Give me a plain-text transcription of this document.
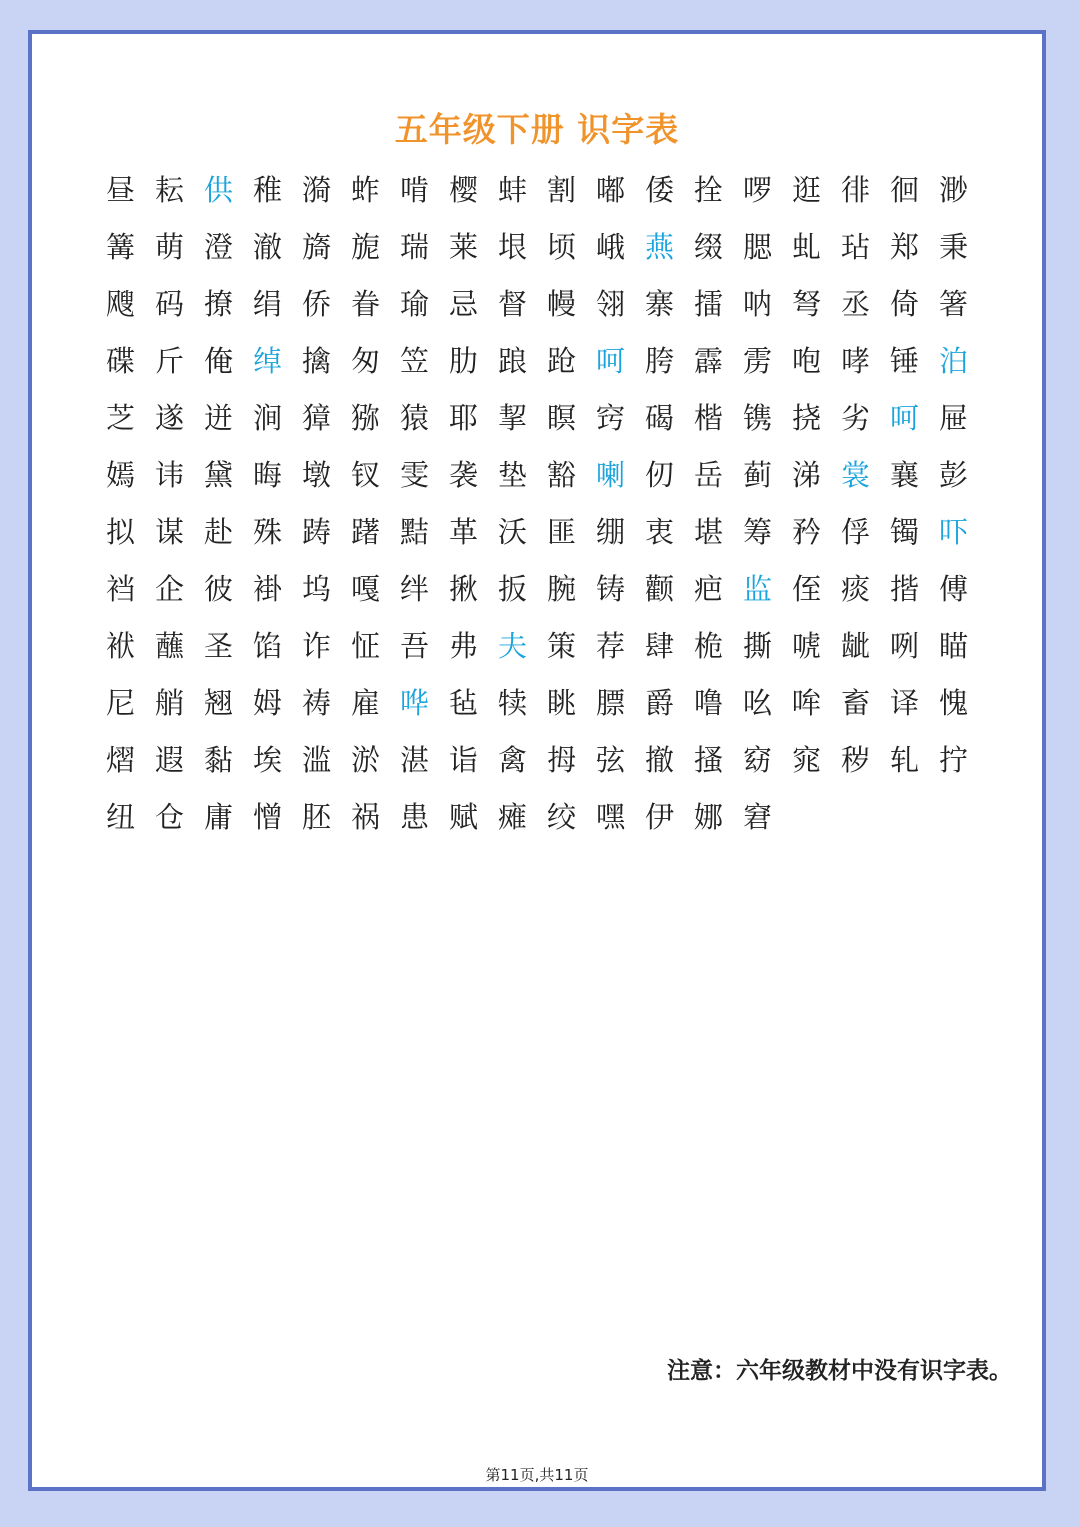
五年级下册 识字表
昼 耘 供 稚 漪 蚱 啃 樱 蚌 割 嘟 倭 拴 啰 逛 徘 徊 渺
篝 萌 澄 澈 旖 旎 瑞 莱 垠 顷 峨 燕 缀 腮 虬 玷 郑 秉
飕 码 撩 绢 侨 眷 瑜 忌 督 幔 翎 寨 擂 呐 弩 丞 倚 箸
碟 斤 俺 绰 擒 匆 笠 肋 踉 跄 呵 胯 霹 雳 咆 哮 锤 泊
芝 遂 迸 涧 獐 猕 猿 耶 挈 瞑 窍 碣 楷 镌 挠 劣 呵 屉
嫣 讳 黛 晦 墩 钗 雯 袭 垫 豁 喇 仞 岳 蓟 涕 裳 襄 彭
拟 谋 赴 殊 踌 躇 黠 革 沃 匪 绷 衷 堪 筹 矜 俘 镯 吓
裆 企 彼 褂 坞 嘎 绊 揪 扳 腕 铸 颧 疤 监 侄 痰 揩 傅
袱 蘸 圣 馅 诈 怔 吾 弗 夫 策 荐 肆 桅 撕 唬 龇 咧 瞄
尼 艄 翘 姆 祷 雇 哗 毡 犊 眺 膘 爵 噜 吆 哞 畜 译 愧
熠 遐 黏 埃 滥 淤 湛 诣 禽 拇 弦 撤 搔 窈 窕 秽 轧 拧
纽 仓 庸 憎 胚 祸 患 赋 瘫 绞 嘿 伊 娜 窘
注意：六年级教材中没有识字表。
第11页,共11页
